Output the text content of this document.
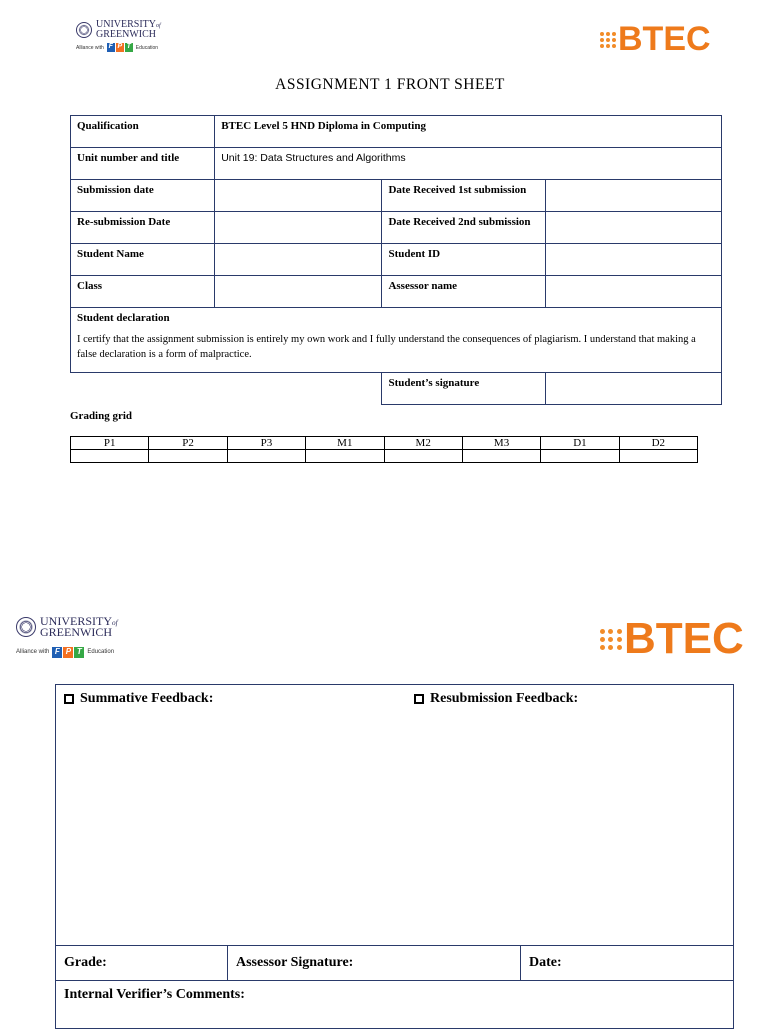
UNIVERSITYof
GREENWICH
Alliance with F P T Education	BTEC
ASSIGNMENT 1 FRONT SHEET
Qualification	BTEC Level 5 HND Diploma in Computing		
Unit number and title	Unit 19: Data Structures and Algorithms		
Submission date		Date Received 1st submission	
Re-submission Date		Date Received 2nd submission	
Student Name		Student ID	
Class		Assessor name	

Student declaration

I certify that the assignment submission is entirely my own work and I fully understand the consequences of plagiarism. I understand that making a false declaration is a form of malpractice.			

		Student’s signature	
Grading grid
P1	P2	P3	M1	M2	M3	D1	D2

UNIVERSITYof
GREENWICH
Alliance with F P T Education	BTEC
Summative Feedback:	Resubmission Feedback:
Grade:	Assessor Signature:	Date:
Internal Verifier’s Comments:
